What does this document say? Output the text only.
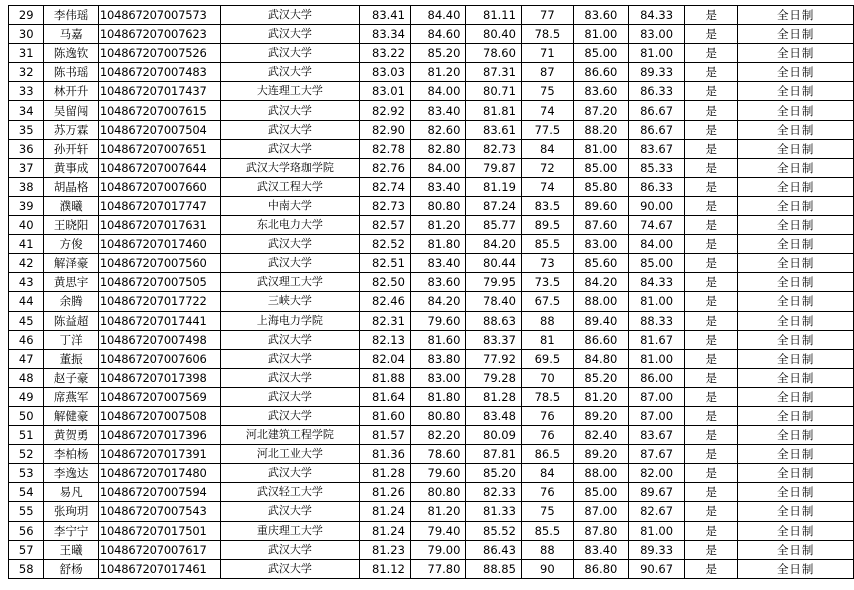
29	李伟瑶	104867207007573	武汉大学	83.41	84.40	81.11	77	83.60	84.33	是	全日制
30	马嘉	104867207007623	武汉大学	83.34	84.60	80.40	78.5	81.00	83.00	是	全日制
31	陈逸钦	104867207007526	武汉大学	83.22	85.20	78.60	71	85.00	81.00	是	全日制
32	陈书瑶	104867207007483	武汉大学	83.03	81.20	87.31	87	86.60	89.33	是	全日制
33	林开升	104867207017437	大连理工大学	83.01	84.00	80.71	75	83.60	86.33	是	全日制
34	吴留闯	104867207007615	武汉大学	82.92	83.40	81.81	74	87.20	86.67	是	全日制
35	苏万霖	104867207007504	武汉大学	82.90	82.60	83.61	77.5	88.20	86.67	是	全日制
36	孙开轩	104867207007651	武汉大学	82.78	82.80	82.73	84	81.00	83.67	是	全日制
37	黄事成	104867207007644	武汉大学珞珈学院	82.76	84.00	79.87	72	85.00	85.33	是	全日制
38	胡晶格	104867207007660	武汉工程大学	82.74	83.40	81.19	74	85.80	86.33	是	全日制
39	濮曦	104867207017747	中南大学	82.73	80.80	87.24	83.5	89.60	90.00	是	全日制
40	王晓阳	104867207017631	东北电力大学	82.57	81.20	85.77	89.5	87.60	74.67	是	全日制
41	方俊	104867207017460	武汉大学	82.52	81.80	84.20	85.5	83.00	84.00	是	全日制
42	解泽豪	104867207007560	武汉大学	82.51	83.40	80.44	73	85.60	85.00	是	全日制
43	黄思宇	104867207007505	武汉理工大学	82.50	83.60	79.95	73.5	84.20	84.33	是	全日制
44	余腾	104867207017722	三峡大学	82.46	84.20	78.40	67.5	88.00	81.00	是	全日制
45	陈益超	104867207017441	上海电力学院	82.31	79.60	88.63	88	89.40	88.33	是	全日制
46	丁洋	104867207007498	武汉大学	82.13	81.60	83.37	81	86.60	81.67	是	全日制
47	董振	104867207007606	武汉大学	82.04	83.80	77.92	69.5	84.80	81.00	是	全日制
48	赵子豪	104867207017398	武汉大学	81.88	83.00	79.28	70	85.20	86.00	是	全日制
49	席燕军	104867207007569	武汉大学	81.64	81.80	81.28	78.5	81.20	87.00	是	全日制
50	解健豪	104867207007508	武汉大学	81.60	80.80	83.48	76	89.20	87.00	是	全日制
51	黄贺勇	104867207017396	河北建筑工程学院	81.57	82.20	80.09	76	82.40	83.67	是	全日制
52	李柏杨	104867207017391	河北工业大学	81.36	78.60	87.81	86.5	89.20	87.67	是	全日制
53	李逸达	104867207017480	武汉大学	81.28	79.60	85.20	84	88.00	82.00	是	全日制
54	易凡	104867207007594	武汉轻工大学	81.26	80.80	82.33	76	85.00	89.67	是	全日制
55	张珣玥	104867207007543	武汉大学	81.24	81.20	81.33	75	87.00	82.67	是	全日制
56	李宁宁	104867207017501	重庆理工大学	81.24	79.40	85.52	85.5	87.80	81.00	是	全日制
57	王曦	104867207007617	武汉大学	81.23	79.00	86.43	88	83.40	89.33	是	全日制
58	舒杨	104867207017461	武汉大学	81.12	77.80	88.85	90	86.80	90.67	是	全日制
